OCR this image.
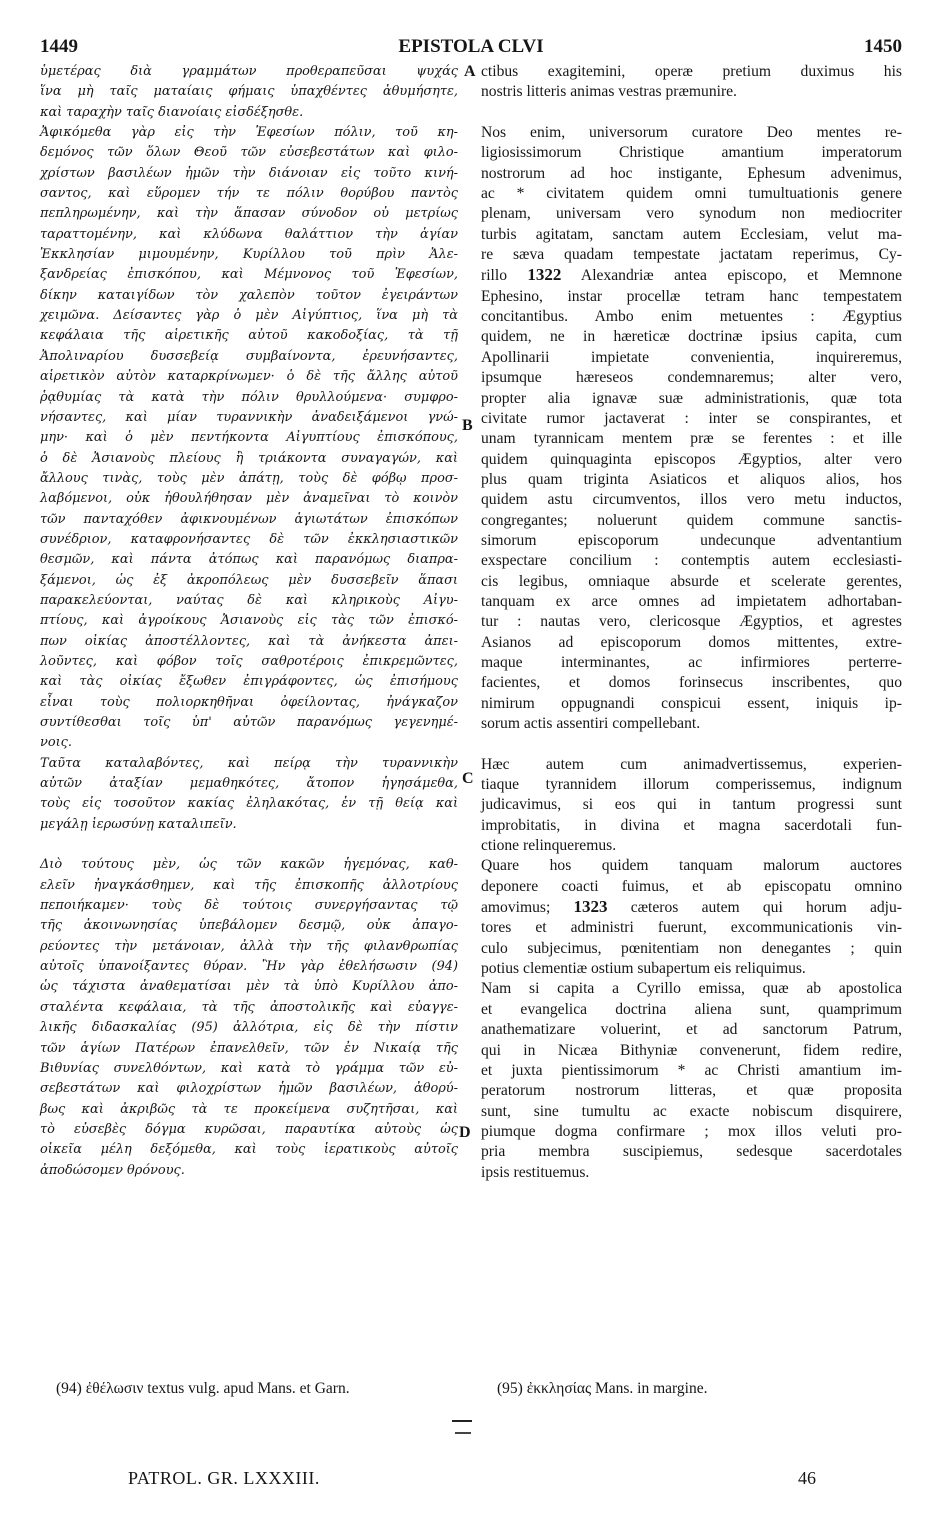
1449	EPISTOLA CLVI	1450
ὑμετέρας διὰ γραμμάτων προθεραπεῦσαι ψυχάς
ἵνα μὴ ταῖς ματαίαις φήμαις ὑπαχθέντες ἀθυμήσητε,
καὶ ταραχὴν ταῖς διανοίαις εἰσδέξησθε.
Ἀφικόμεθα γὰρ εἰς τὴν Ἐφεσίων πόλιν, τοῦ κη-
δεμόνος τῶν ὅλων Θεοῦ τῶν εὐσεβεστάτων καὶ φιλο-
χρίστων βασιλέων ἡμῶν τὴν διάνοιαν εἰς τοῦτο κινή-
σαντος, καὶ εὕρομεν τήν τε πόλιν θορύβου παντὸς
πεπληρωμένην, καὶ τὴν ἅπασαν σύνοδον οὐ μετρίως
ταραττομένην, καὶ κλύδωνα θαλάττιον τὴν ἁγίαν
Ἐκκλησίαν μιμουμένην, Κυρίλλου τοῦ πρὶν Ἀλε-
ξανδρείας ἐπισκόπου, καὶ Μέμνονος τοῦ Ἐφεσίων,
δίκην καταιγίδων τὸν χαλεπὸν τοῦτον ἐγειράντων
χειμῶνα. Δείσαντες γὰρ ὁ μὲν Αἰγύπτιος, ἵνα μὴ τὰ
κεφάλαια τῆς αἱρετικῆς αὐτοῦ κακοδοξίας, τὰ τῇ
Ἀπολιναρίου δυσσεβείᾳ συμβαίνοντα, ἐρευνήσαντες,
αἱρετικὸν αὐτὸν καταρκρίνωμεν· ὁ δὲ τῆς ἄλλης αὐτοῦ
ῥᾳθυμίας τὰ κατὰ τὴν πόλιν θρυλλούμενα· συμφρο-
νήσαντες, καὶ μίαν τυραννικὴν ἀναδειξάμενοι γνώ-
μην· καὶ ὁ μὲν πεντήκοντα Αἰγυπτίους ἐπισκόπους,
ὁ δὲ Ἀσιανοὺς πλείους ἢ τριάκοντα συναγαγών, καὶ
ἄλλους τινὰς, τοὺς μὲν ἀπάτῃ, τοὺς δὲ φόβῳ προσ-
λαβόμενοι, οὐκ ἠθουλήθησαν μὲν ἀναμεῖναι τὸ κοινὸν
τῶν πανταχόθεν ἀφικνουμένων ἁγιωτάτων ἐπισκόπων
συνέδριον, καταφρονήσαντες δὲ τῶν ἐκκλησιαστικῶν
θεσμῶν, καὶ πάντα ἀτόπως καὶ παρανόμως διαπρα-
ξάμενοι, ὡς ἐξ ἀκροπόλεως μὲν δυσσεβεῖν ἅπασι
παρακελεύονται, ναύτας δὲ καὶ κληρικοὺς Αἰγυ-
πτίους, καὶ ἀγροίκους Ἀσιανοὺς εἰς τὰς τῶν ἐπισκό-
πων οἰκίας ἀποστέλλοντες, καὶ τὰ ἀνήκεστα ἀπει-
λοῦντες, καὶ φόβον τοῖς σαθροτέροις ἐπικρεμῶντες,
καὶ τὰς οἰκίας ἔξωθεν ἐπιγράφοντες, ὡς ἐπισήμους
εἶναι τοὺς πολιορκηθῆναι ὀφείλοντας, ἠνάγκαζον
συντίθεσθαι τοῖς ὑπ' αὐτῶν παρανόμως γεγενημέ-
νοις.
Ταῦτα καταλαβόντες, καὶ πείρᾳ τὴν τυραννικὴν
αὐτῶν ἀταξίαν μεμαθηκότες, ἄτοπον ἡγησάμεθα,
τοὺς εἰς τοσοῦτον κακίας ἐληλακότας, ἐν τῇ θείᾳ καὶ
μεγάλῃ ἱερωσύνῃ καταλιπεῖν.
Διὸ τούτους μὲν, ὡς τῶν κακῶν ἡγεμόνας, καθ-
ελεῖν ἠναγκάσθημεν, καὶ τῆς ἐπισκοπῆς ἀλλοτρίους
πεποιήκαμεν· τοὺς δὲ τούτοις συνεργήσαντας τῷ
τῆς ἀκοινωνησίας ὑπεβάλομεν δεσμῷ, οὐκ ἀπαγο-
ρεύοντες τὴν μετάνοιαν, ἀλλὰ τὴν τῆς φιλανθρωπίας
αὐτοῖς ὑπανοίξαντες θύραν. Ἢν γὰρ ἐθελήσωσιν (94)
ὡς τάχιστα ἀναθεματίσαι μὲν τὰ ὑπὸ Κυρίλλου ἀπο-
σταλέντα κεφάλαια, τὰ τῆς ἀποστολικῆς καὶ εὐαγγε-
λικῆς διδασκαλίας (95) ἀλλότρια, εἰς δὲ τὴν πίστιν
τῶν ἁγίων Πατέρων ἐπανελθεῖν, τῶν ἐν Νικαίᾳ τῆς
Βιθυνίας συνελθόντων, καὶ κατὰ τὸ γράμμα τῶν εὐ-
σεβεστάτων καὶ φιλοχρίστων ἡμῶν βασιλέων, ἀθορύ-
βως καὶ ἀκριβῶς τὰ τε προκείμενα συζητῆσαι, καὶ
τὸ εὐσεβὲς δόγμα κυρῶσαι, παραυτίκα αὐτοὺς ὡς
οἰκεῖα μέλη δεξόμεθα, καὶ τοὺς ἱερατικοὺς αὐτοῖς
ἀποδώσομεν θρόνους.
ctibus exagitemini, operæ pretium duximus his
nostris litteris animas vestras præmunire.
Nos enim, universorum curatore Deo mentes re-
ligiosissimorum Christique amantium imperatorum
nostrorum ad hoc instigante, Ephesum advenimus,
ac * civitatem quidem omni tumultuationis genere
plenam, universam vero synodum non mediocriter
turbis agitatam, sanctam autem Ecclesiam, velut ma-
re sæva quadam tempestate jactatam reperimus, Cy-
rillo 1322 Alexandriæ antea episcopo, et Memnone
Ephesino, instar procellæ tetram hanc tempestatem
concitantibus. Ambo enim metuentes : Ægyptius
quidem, ne in hæreticæ doctrinæ ipsius capita, cum
Apollinarii impietate convenientia, inquireremus,
ipsumque hæreseos condemnaremus; alter vero,
propter alia ignavæ suæ administrationis, quæ tota
civitate rumor jactaverat : inter se conspirantes, et
unam tyrannicam mentem præ se ferentes : et ille
quidem quinquaginta episcopos Ægyptios, alter vero
plus quam triginta Asiaticos et aliquos alios, hos
quidem astu circumventos, illos vero metu inductos,
congregantes; noluerunt quidem commune sanctis-
simorum episcoporum undecunque adventantium
exspectare concilium : contemptis autem ecclesiasti-
cis legibus, omniaque absurde et scelerate gerentes,
tanquam ex arce omnes ad impietatem adhortaban-
tur : nautas vero, clericosque Ægyptios, et agrestes
Asianos ad episcoporum domos mittentes, extre-
maque interminantes, ac infirmiores perterre-
facientes, et domos forinsecus inscribentes, quo
nimirum oppugnandi conspicui essent, iniquis ip-
sorum actis assentiri compellebant.
Hæc autem cum animadvertissemus, experien-
tiaque tyrannidem illorum comperissemus, indignum
judicavimus, si eos qui in tantum progressi sunt
improbitatis, in divina et magna sacerdotali fun-
ctione relinqueremus.
Quare hos quidem tanquam malorum auctores
deponere coacti fuimus, et ab episcopatu omnino
amovimus; 1323 cæteros autem qui horum adju-
tores et administri fuerunt, excommunicationis vin-
culo subjecimus, pœnitentiam non denegantes ; quin
potius clementiæ ostium subapertum eis reliquimus.
Nam si capita a Cyrillo emissa, quæ ab apostolica
et evangelica doctrina aliena sunt, quamprimum
anathematizare voluerint, et ad sanctorum Patrum,
qui in Nicæa Bithyniæ convenerunt, fidem redire,
et juxta pientissimorum * ac Christi amantium im-
peratorum nostrorum litteras, et quæ proposita
sunt, sine tumultu ac exacte nobiscum disquirere,
piumque dogma confirmare ; mox illos veluti pro-
pria membra suscipiemus, sedesque sacerdotales
ipsis restituemus.
A
B
C
D
(94) ἐθέλωσιν textus vulg. apud Mans. et Garn.	(95) ἐκκλησίας Mans. in margine.
PATROL. GR. LXXXIII.	46
